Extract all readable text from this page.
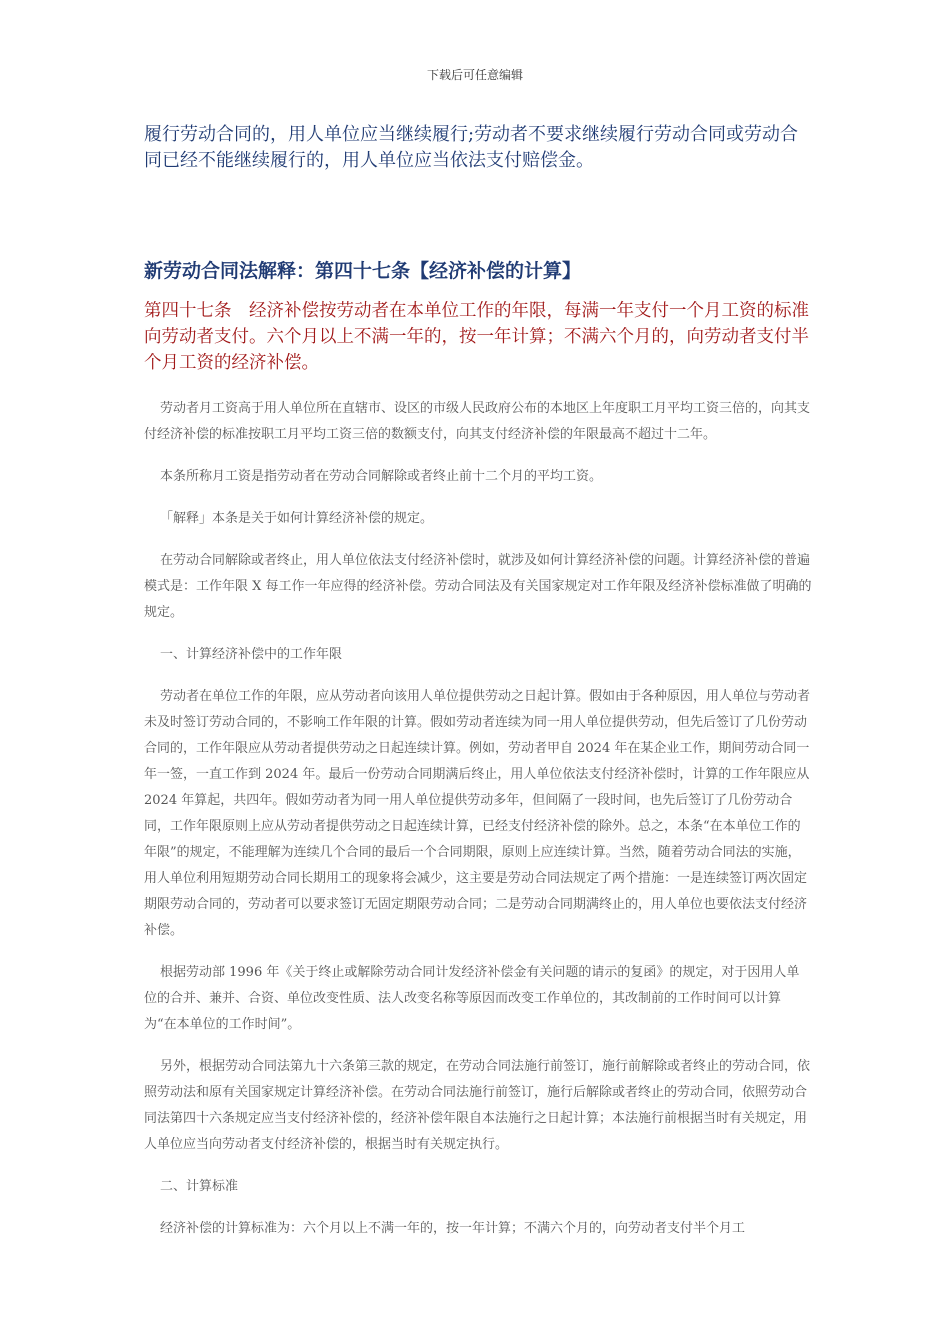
下载后可任意编辑

履行劳动合同的，用人单位应当继续履行;劳动者不要求继续履行劳动合同或劳动合同已经不能继续履行的，用人单位应当依法支付赔偿金。

新劳动合同法解释：第四十七条【经济补偿的计算】

第四十七条　经济补偿按劳动者在本单位工作的年限，每满一年支付一个月工资的标准向劳动者支付。六个月以上不满一年的，按一年计算；不满六个月的，向劳动者支付半个月工资的经济补偿。

劳动者月工资高于用人单位所在直辖市、设区的市级人民政府公布的本地区上年度职工月平均工资三倍的，向其支付经济补偿的标准按职工月平均工资三倍的数额支付，向其支付经济补偿的年限最高不超过十二年。

本条所称月工资是指劳动者在劳动合同解除或者终止前十二个月的平均工资。

「解释」本条是关于如何计算经济补偿的规定。

在劳动合同解除或者终止，用人单位依法支付经济补偿时，就涉及如何计算经济补偿的问题。计算经济补偿的普遍模式是：工作年限 X 每工作一年应得的经济补偿。劳动合同法及有关国家规定对工作年限及经济补偿标准做了明确的规定。

一、计算经济补偿中的工作年限

劳动者在单位工作的年限，应从劳动者向该用人单位提供劳动之日起计算。假如由于各种原因，用人单位与劳动者未及时签订劳动合同的，不影响工作年限的计算。假如劳动者连续为同一用人单位提供劳动，但先后签订了几份劳动合同的，工作年限应从劳动者提供劳动之日起连续计算。例如，劳动者甲自 2024 年在某企业工作，期间劳动合同一年一签，一直工作到 2024 年。最后一份劳动合同期满后终止，用人单位依法支付经济补偿时，计算的工作年限应从 2024 年算起，共四年。假如劳动者为同一用人单位提供劳动多年，但间隔了一段时间，也先后签订了几份劳动合同，工作年限原则上应从劳动者提供劳动之日起连续计算，已经支付经济补偿的除外。总之，本条“在本单位工作的年限”的规定，不能理解为连续几个合同的最后一个合同期限，原则上应连续计算。当然，随着劳动合同法的实施，用人单位利用短期劳动合同长期用工的现象将会减少，这主要是劳动合同法规定了两个措施：一是连续签订两次固定期限劳动合同的，劳动者可以要求签订无固定期限劳动合同；二是劳动合同期满终止的，用人单位也要依法支付经济补偿。

根据劳动部 1996 年《关于终止或解除劳动合同计发经济补偿金有关问题的请示的复函》的规定，对于因用人单位的合并、兼并、合资、单位改变性质、法人改变名称等原因而改变工作单位的，其改制前的工作时间可以计算为“在本单位的工作时间”。

另外，根据劳动合同法第九十六条第三款的规定，在劳动合同法施行前签订，施行前解除或者终止的劳动合同，依照劳动法和原有关国家规定计算经济补偿。在劳动合同法施行前签订，施行后解除或者终止的劳动合同，依照劳动合同法第四十六条规定应当支付经济补偿的，经济补偿年限自本法施行之日起计算；本法施行前根据当时有关规定，用人单位应当向劳动者支付经济补偿的，根据当时有关规定执行。

二、计算标准

经济补偿的计算标准为：六个月以上不满一年的，按一年计算；不满六个月的，向劳动者支付半个月工
